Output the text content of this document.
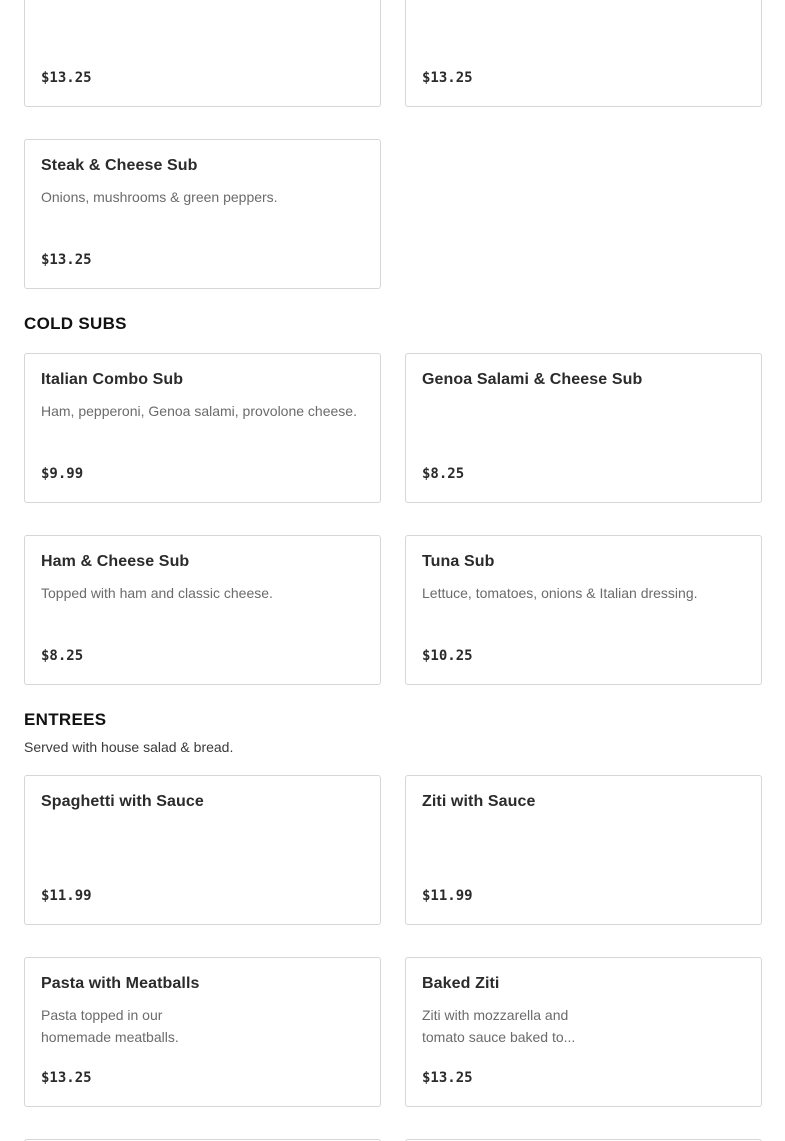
$13.25	$13.25
Steak & Cheese Sub
Onions, mushrooms & green peppers.
$13.25
COLD SUBS
Italian Combo Sub
Ham, pepperoni, Genoa salami, provolone cheese.
$9.99
Genoa Salami & Cheese Sub
$8.25
Ham & Cheese Sub
Topped with ham and classic cheese.
$8.25
Tuna Sub
Lettuce, tomatoes, onions & Italian dressing.
$10.25
ENTREES
Served with house salad & bread.
Spaghetti with Sauce
$11.99
Ziti with Sauce
$11.99
Pasta with Meatballs
Pasta topped in our homemade meatballs.
$13.25
Baked Ziti
Ziti with mozzarella and tomato sauce baked to...
$13.25
